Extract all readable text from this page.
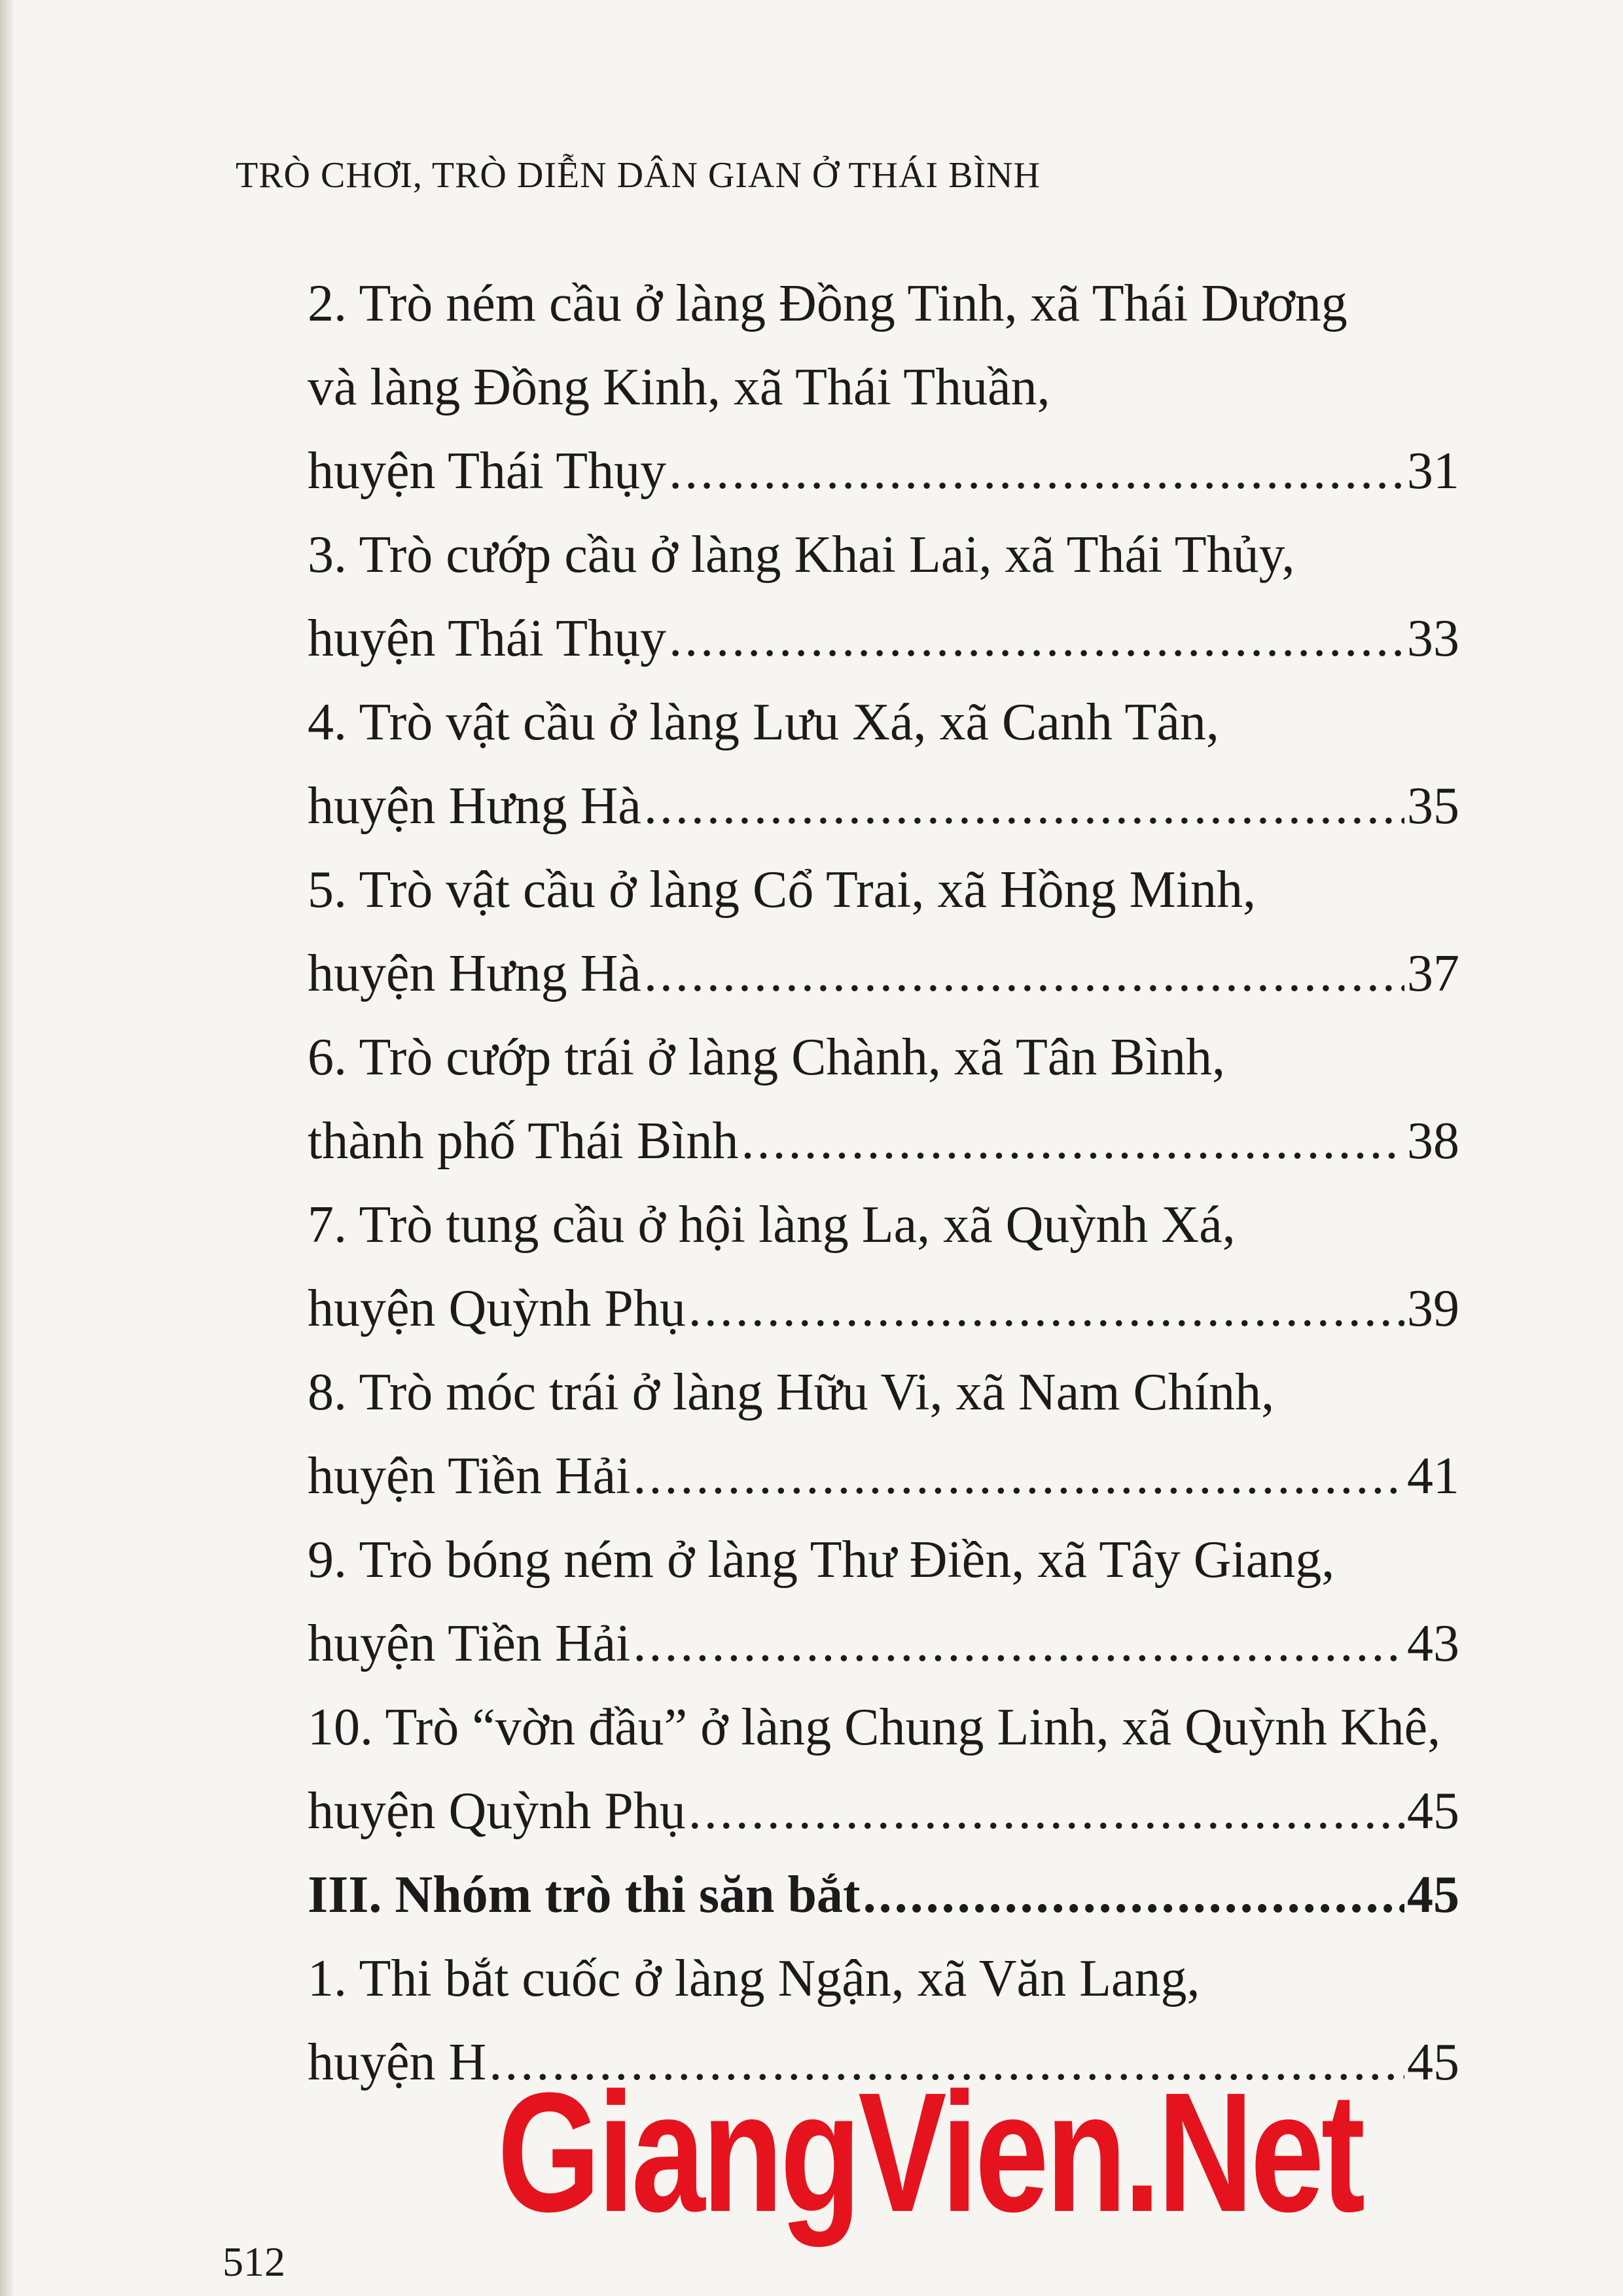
TRÒ CHƠI, TRÒ DIỄN DÂN GIAN Ở THÁI BÌNH
2. Trò ném cầu ở làng Đồng Tinh, xã Thái Dương
và làng Đồng Kinh, xã Thái Thuần,
huyện Thái Thụy .....	31
3. Trò cướp cầu ở làng Khai Lai, xã Thái Thủy,
huyện Thái Thụy .....	33
4. Trò vật cầu ở làng Lưu Xá, xã Canh Tân,
huyện Hưng Hà .....	35
5. Trò vật cầu ở làng Cổ Trai, xã Hồng Minh,
huyện Hưng Hà .....	37
6. Trò cướp trái ở làng Chành, xã Tân Bình,
thành phố Thái Bình .....	38
7. Trò tung cầu ở hội làng La, xã Quỳnh Xá,
huyện Quỳnh Phụ .....	39
8. Trò móc trái ở làng Hữu Vi, xã Nam Chính,
huyện Tiền Hải .....	41
9. Trò bóng ném ở làng Thư Điền, xã Tây Giang,
huyện Tiền Hải .....	43
10. Trò “vờn đầu” ở làng Chung Linh, xã Quỳnh Khê,
huyện Quỳnh Phụ .....	45
III. Nhóm trò thi săn bắt .....	45
1. Thi bắt cuốc ở làng Ngận, xã Văn Lang,
huyện H .....	45
GiangVien.Net
512
